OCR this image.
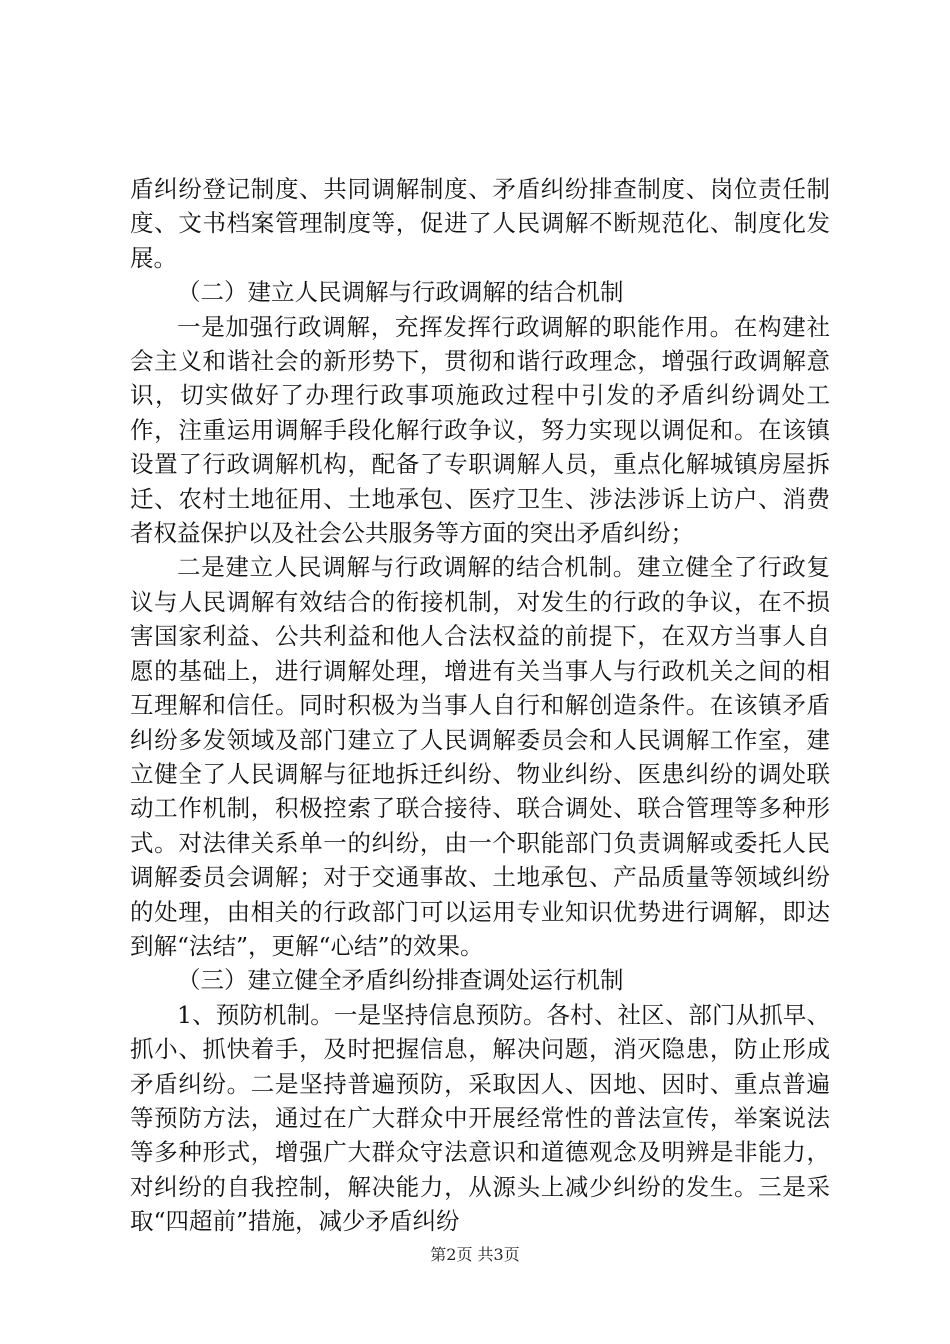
盾纠纷登记制度、共同调解制度、矛盾纠纷排查制度、岗位责任制度、文书档案管理制度等，促进了人民调解不断规范化、制度化发展。

（二）建立人民调解与行政调解的结合机制

一是加强行政调解，充挥发挥行政调解的职能作用。在构建社会主义和谐社会的新形势下，贯彻和谐行政理念，增强行政调解意识，切实做好了办理行政事项施政过程中引发的矛盾纠纷调处工作，注重运用调解手段化解行政争议，努力实现以调促和。在该镇设置了行政调解机构，配备了专职调解人员，重点化解城镇房屋拆迁、农村土地征用、土地承包、医疗卫生、涉法涉诉上访户、消费者权益保护以及社会公共服务等方面的突出矛盾纠纷；

二是建立人民调解与行政调解的结合机制。建立健全了行政复议与人民调解有效结合的衔接机制，对发生的行政的争议，在不损害国家利益、公共利益和他人合法权益的前提下，在双方当事人自愿的基础上，进行调解处理，增进有关当事人与行政机关之间的相互理解和信任。同时积极为当事人自行和解创造条件。在该镇矛盾纠纷多发领域及部门建立了人民调解委员会和人民调解工作室，建立健全了人民调解与征地拆迁纠纷、物业纠纷、医患纠纷的调处联动工作机制，积极控索了联合接待、联合调处、联合管理等多种形式。对法律关系单一的纠纷，由一个职能部门负责调解或委托人民调解委员会调解；对于交通事故、土地承包、产品质量等领域纠纷的处理，由相关的行政部门可以运用专业知识优势进行调解，即达到解“法结”，更解“心结”的效果。

（三）建立健全矛盾纠纷排查调处运行机制

1、预防机制。一是坚持信息预防。各村、社区、部门从抓早、抓小、抓快着手，及时把握信息，解决问题，消灭隐患，防止形成矛盾纠纷。二是坚持普遍预防，采取因人、因地、因时、重点普遍等预防方法，通过在广大群众中开展经常性的普法宣传，举案说法等多种形式，增强广大群众守法意识和道德观念及明辨是非能力，对纠纷的自我控制，解决能力，从源头上减少纠纷的发生。三是采取“四超前”措施，减少矛盾纠纷

第2页 共3页
